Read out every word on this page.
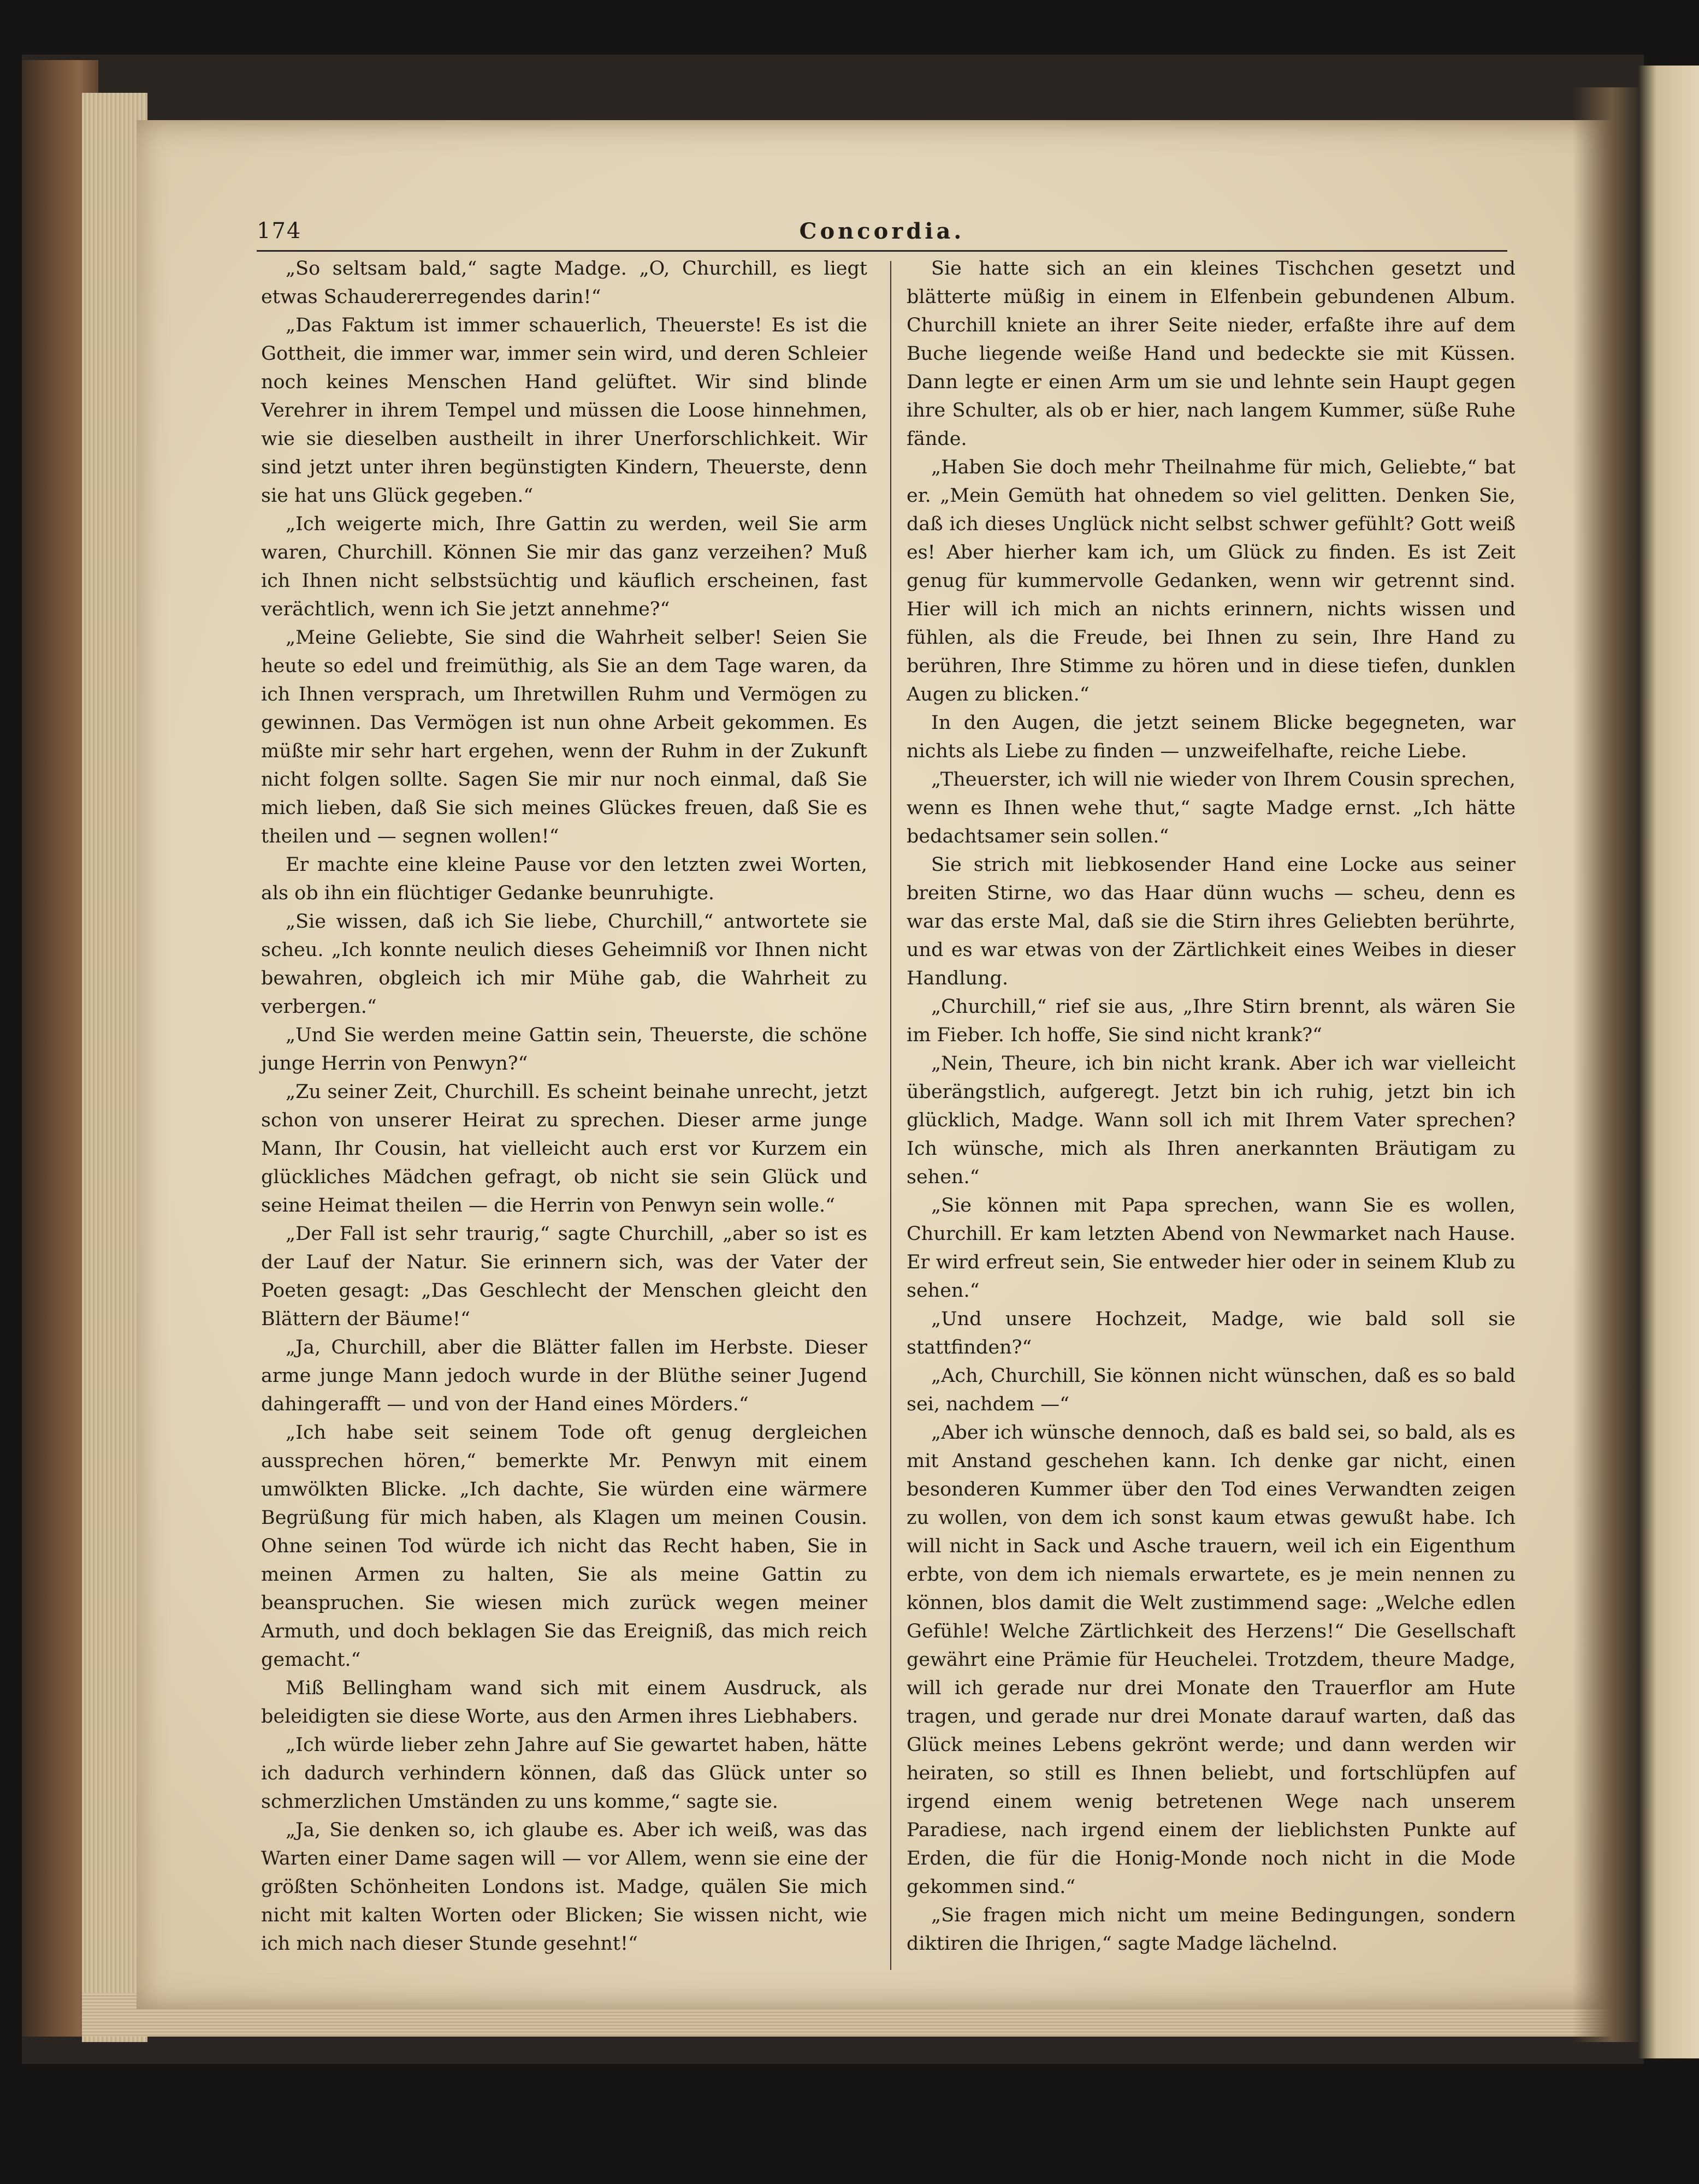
174	Concordia.

„So seltsam bald,“ sagte Madge. „O, Churchill, es liegt etwas Schaudererregendes darin!“

„Das Faktum ist immer schauerlich, Theuerste! Es ist die Gottheit, die immer war, immer sein wird, und deren Schleier noch keines Menschen Hand gelüftet. Wir sind blinde Verehrer in ihrem Tempel und müssen die Loose hinnehmen, wie sie dieselben austheilt in ihrer Unerforschlichkeit. Wir sind jetzt unter ihren begünstigten Kindern, Theuerste, denn sie hat uns Glück gegeben.“

„Ich weigerte mich, Ihre Gattin zu werden, weil Sie arm waren, Churchill. Können Sie mir das ganz verzeihen? Muß ich Ihnen nicht selbstsüchtig und käuflich erscheinen, fast verächtlich, wenn ich Sie jetzt annehme?“

„Meine Geliebte, Sie sind die Wahrheit selber! Seien Sie heute so edel und freimüthig, als Sie an dem Tage waren, da ich Ihnen versprach, um Ihretwillen Ruhm und Vermögen zu gewinnen. Das Vermögen ist nun ohne Arbeit gekommen. Es müßte mir sehr hart ergehen, wenn der Ruhm in der Zukunft nicht folgen sollte. Sagen Sie mir nur noch einmal, daß Sie mich lieben, daß Sie sich meines Glückes freuen, daß Sie es theilen und — segnen wollen!“

Er machte eine kleine Pause vor den letzten zwei Worten, als ob ihn ein flüchtiger Gedanke beunruhigte.

„Sie wissen, daß ich Sie liebe, Churchill,“ antwortete sie scheu. „Ich konnte neulich dieses Geheimniß vor Ihnen nicht bewahren, obgleich ich mir Mühe gab, die Wahrheit zu verbergen.“

„Und Sie werden meine Gattin sein, Theuerste, die schöne junge Herrin von Penwyn?“

„Zu seiner Zeit, Churchill. Es scheint beinahe unrecht, jetzt schon von unserer Heirat zu sprechen. Dieser arme junge Mann, Ihr Cousin, hat vielleicht auch erst vor Kurzem ein glückliches Mädchen gefragt, ob nicht sie sein Glück und seine Heimat theilen — die Herrin von Penwyn sein wolle.“

„Der Fall ist sehr traurig,“ sagte Churchill, „aber so ist es der Lauf der Natur. Sie erinnern sich, was der Vater der Poeten gesagt: „Das Geschlecht der Menschen gleicht den Blättern der Bäume!“

„Ja, Churchill, aber die Blätter fallen im Herbste. Dieser arme junge Mann jedoch wurde in der Blüthe seiner Jugend dahingerafft — und von der Hand eines Mörders.“

„Ich habe seit seinem Tode oft genug dergleichen aussprechen hören,“ bemerkte Mr. Penwyn mit einem umwölkten Blicke. „Ich dachte, Sie würden eine wärmere Begrüßung für mich haben, als Klagen um meinen Cousin. Ohne seinen Tod würde ich nicht das Recht haben, Sie in meinen Armen zu halten, Sie als meine Gattin zu beanspruchen. Sie wiesen mich zurück wegen meiner Armuth, und doch beklagen Sie das Ereigniß, das mich reich gemacht.“

Miß Bellingham wand sich mit einem Ausdruck, als beleidigten sie diese Worte, aus den Armen ihres Liebhabers.

„Ich würde lieber zehn Jahre auf Sie gewartet haben, hätte ich dadurch verhindern können, daß das Glück unter so schmerzlichen Umständen zu uns komme,“ sagte sie.

„Ja, Sie denken so, ich glaube es. Aber ich weiß, was das Warten einer Dame sagen will — vor Allem, wenn sie eine der größten Schönheiten Londons ist. Madge, quälen Sie mich nicht mit kalten Worten oder Blicken; Sie wissen nicht, wie ich mich nach dieser Stunde gesehnt!“

Sie hatte sich an ein kleines Tischchen gesetzt und blätterte müßig in einem in Elfenbein gebundenen Album. Churchill kniete an ihrer Seite nieder, erfaßte ihre auf dem Buche liegende weiße Hand und bedeckte sie mit Küssen. Dann legte er einen Arm um sie und lehnte sein Haupt gegen ihre Schulter, als ob er hier, nach langem Kummer, süße Ruhe fände.

„Haben Sie doch mehr Theilnahme für mich, Geliebte,“ bat er. „Mein Gemüth hat ohnedem so viel gelitten. Denken Sie, daß ich dieses Unglück nicht selbst schwer gefühlt? Gott weiß es! Aber hierher kam ich, um Glück zu finden. Es ist Zeit genug für kummervolle Gedanken, wenn wir getrennt sind. Hier will ich mich an nichts erinnern, nichts wissen und fühlen, als die Freude, bei Ihnen zu sein, Ihre Hand zu berühren, Ihre Stimme zu hören und in diese tiefen, dunklen Augen zu blicken.“

In den Augen, die jetzt seinem Blicke begegneten, war nichts als Liebe zu finden — unzweifelhafte, reiche Liebe.

„Theuerster, ich will nie wieder von Ihrem Cousin sprechen, wenn es Ihnen wehe thut,“ sagte Madge ernst. „Ich hätte bedachtsamer sein sollen.“

Sie strich mit liebkosender Hand eine Locke aus seiner breiten Stirne, wo das Haar dünn wuchs — scheu, denn es war das erste Mal, daß sie die Stirn ihres Geliebten berührte, und es war etwas von der Zärtlichkeit eines Weibes in dieser Handlung.

„Churchill,“ rief sie aus, „Ihre Stirn brennt, als wären Sie im Fieber. Ich hoffe, Sie sind nicht krank?“

„Nein, Theure, ich bin nicht krank. Aber ich war vielleicht überängstlich, aufgeregt. Jetzt bin ich ruhig, jetzt bin ich glücklich, Madge. Wann soll ich mit Ihrem Vater sprechen? Ich wünsche, mich als Ihren anerkannten Bräutigam zu sehen.“

„Sie können mit Papa sprechen, wann Sie es wollen, Churchill. Er kam letzten Abend von Newmarket nach Hause. Er wird erfreut sein, Sie entweder hier oder in seinem Klub zu sehen.“

„Und unsere Hochzeit, Madge, wie bald soll sie stattfinden?“

„Ach, Churchill, Sie können nicht wünschen, daß es so bald sei, nachdem —“

„Aber ich wünsche dennoch, daß es bald sei, so bald, als es mit Anstand geschehen kann. Ich denke gar nicht, einen besonderen Kummer über den Tod eines Verwandten zeigen zu wollen, von dem ich sonst kaum etwas gewußt habe. Ich will nicht in Sack und Asche trauern, weil ich ein Eigenthum erbte, von dem ich niemals erwartete, es je mein nennen zu können, blos damit die Welt zustimmend sage: „Welche edlen Gefühle! Welche Zärtlichkeit des Herzens!“ Die Gesellschaft gewährt eine Prämie für Heuchelei. Trotzdem, theure Madge, will ich gerade nur drei Monate den Trauerflor am Hute tragen, und gerade nur drei Monate darauf warten, daß das Glück meines Lebens gekrönt werde; und dann werden wir heiraten, so still es Ihnen beliebt, und fortschlüpfen auf irgend einem wenig betretenen Wege nach unserem Paradiese, nach irgend einem der lieblichsten Punkte auf Erden, die für die Honig-Monde noch nicht in die Mode gekommen sind.“

„Sie fragen mich nicht um meine Bedingungen, sondern diktiren die Ihrigen,“ sagte Madge lächelnd.
